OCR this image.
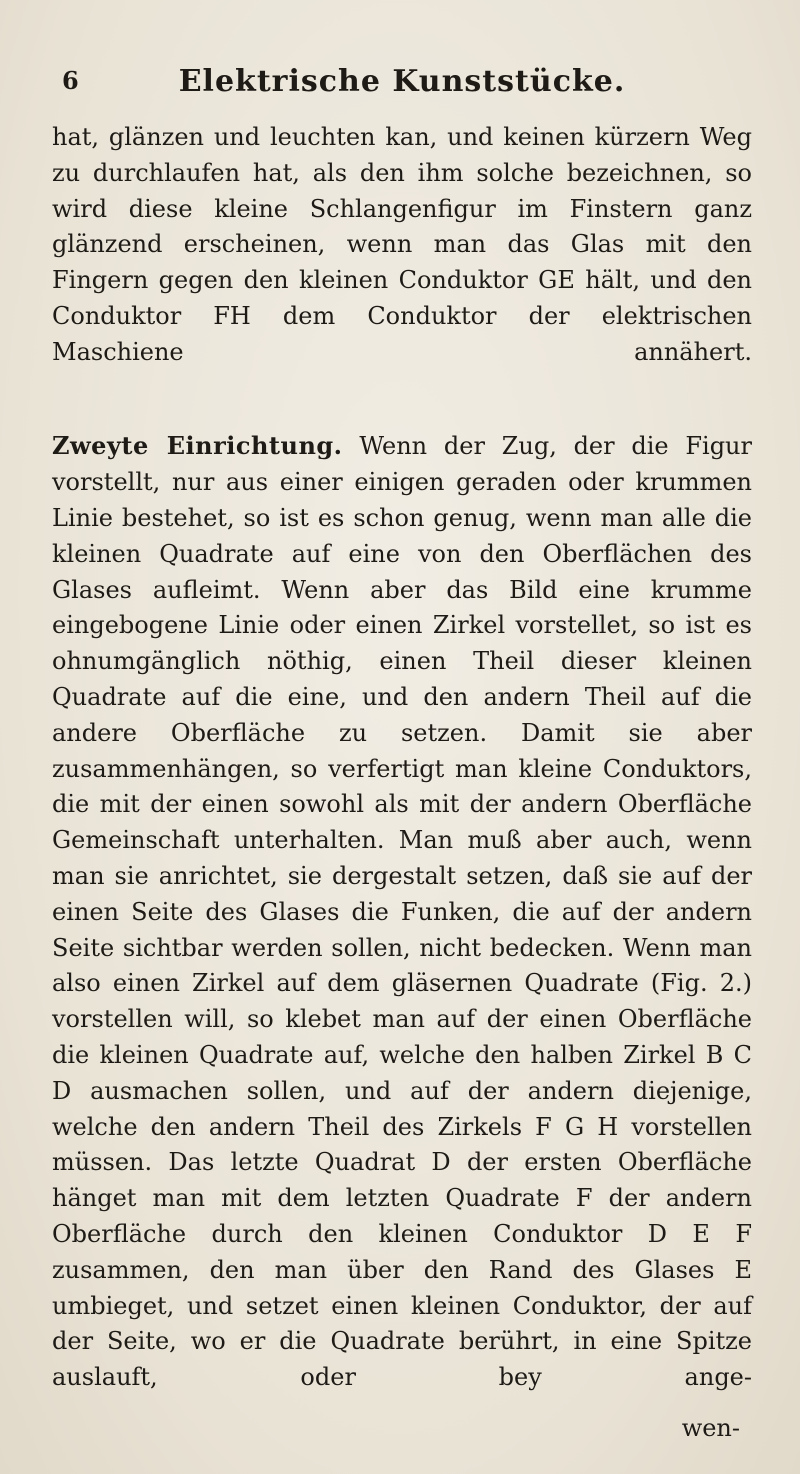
6	Elektrische Kunststücke.

hat, glänzen und leuchten kan, und keinen kürzern Weg zu durchlaufen hat, als den ihm solche bezeichnen, so wird diese kleine Schlangenfigur im Finstern ganz glänzend erscheinen, wenn man das Glas mit den Fingern gegen den kleinen Conduktor GE hält, und den Conduktor FH dem Conduktor der elektrischen Maschiene annähert.

Zweyte Einrichtung. Wenn der Zug, der die Figur vorstellt, nur aus einer einigen geraden oder krummen Linie bestehet, so ist es schon genug, wenn man alle die kleinen Quadrate auf eine von den Oberflächen des Glases aufleimt. Wenn aber das Bild eine krumme eingebogene Linie oder einen Zirkel vorstellet, so ist es ohnumgänglich nöthig, einen Theil dieser kleinen Quadrate auf die eine, und den andern Theil auf die andere Oberfläche zu setzen. Damit sie aber zusammenhängen, so verfertigt man kleine Conduktors, die mit der einen sowohl als mit der andern Oberfläche Gemeinschaft unterhalten. Man muß aber auch, wenn man sie anrichtet, sie dergestalt setzen, daß sie auf der einen Seite des Glases die Funken, die auf der andern Seite sichtbar werden sollen, nicht bedecken. Wenn man also einen Zirkel auf dem gläsernen Quadrate (Fig. 2.) vorstellen will, so klebet man auf der einen Oberfläche die kleinen Quadrate auf, welche den halben Zirkel B C D ausmachen sollen, und auf der andern diejenige, welche den andern Theil des Zirkels F G H vorstellen müssen. Das letzte Quadrat D der ersten Oberfläche hänget man mit dem letzten Quadrate F der andern Oberfläche durch den kleinen Conduktor D E F zusammen, den man über den Rand des Glases E umbieget, und setzet einen kleinen Conduktor, der auf der Seite, wo er die Quadrate berührt, in eine Spitze auslauft, oder bey ange-

wen-
